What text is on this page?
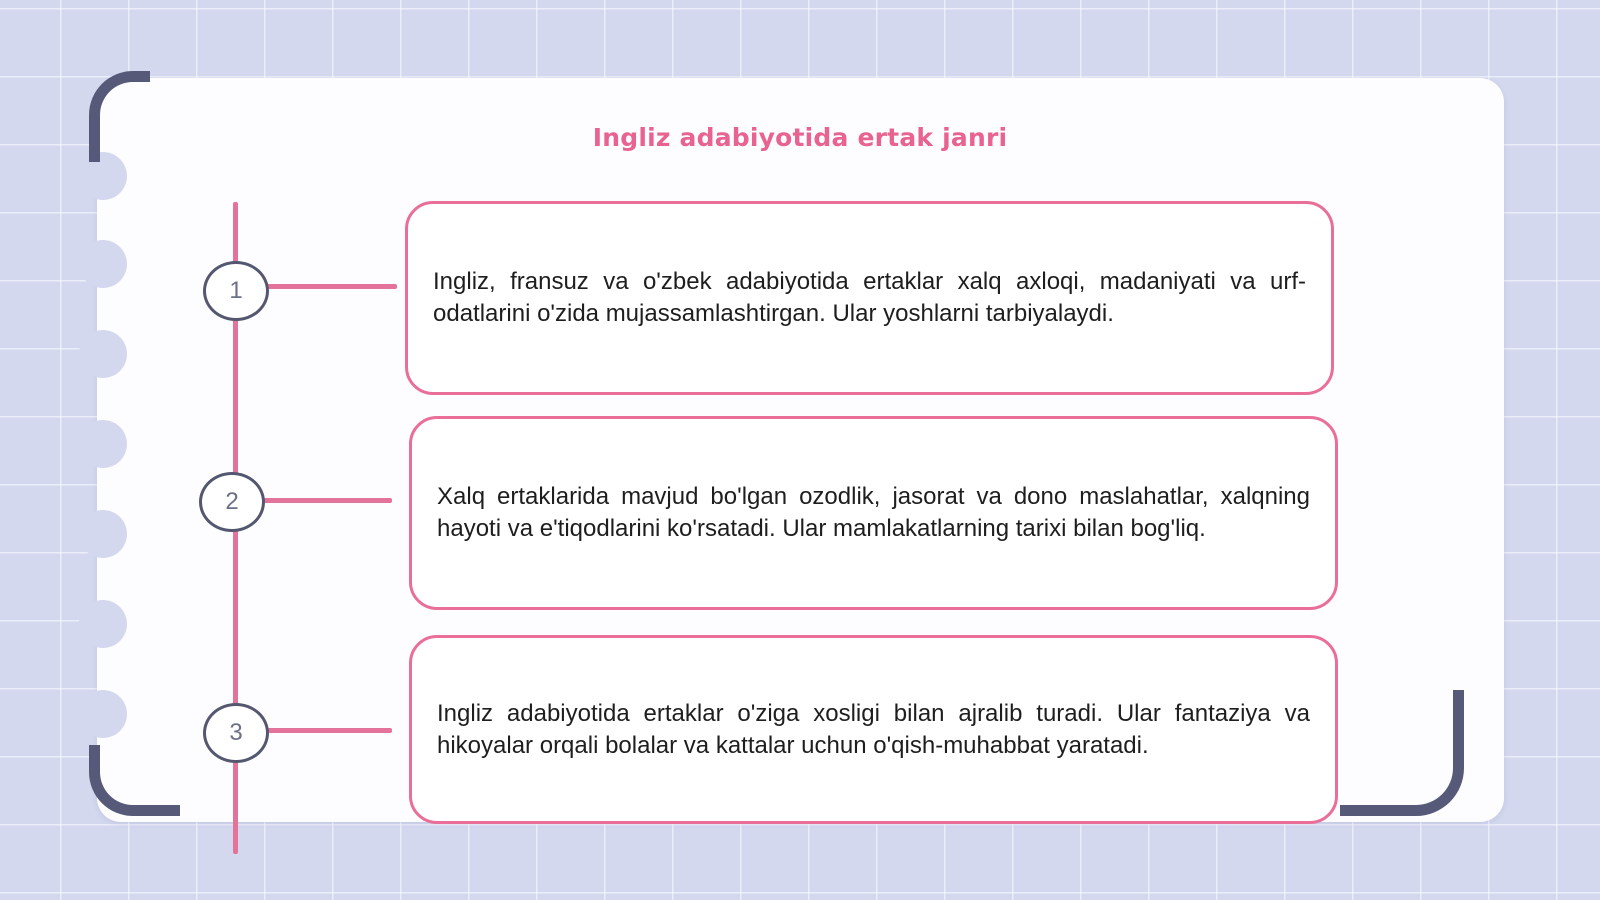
Ingliz adabiyotida ertak janri
1
2
3

Ingliz, fransuz va o'zbek adabiyotida ertaklar xalq axloqi, madaniyati va urf-odatlarini o'zida mujassamlashtirgan. Ular yoshlarni tarbiyalaydi.

Xalq ertaklarida mavjud bo'lgan ozodlik, jasorat va dono maslahatlar, xalqning hayoti va e'tiqodlarini ko'rsatadi. Ular mamlakatlarning tarixi bilan bog'liq.

Ingliz adabiyotida ertaklar o'ziga xosligi bilan ajralib turadi. Ular fantaziya va hikoyalar orqali bolalar va kattalar uchun o'qish-muhabbat yaratadi.
